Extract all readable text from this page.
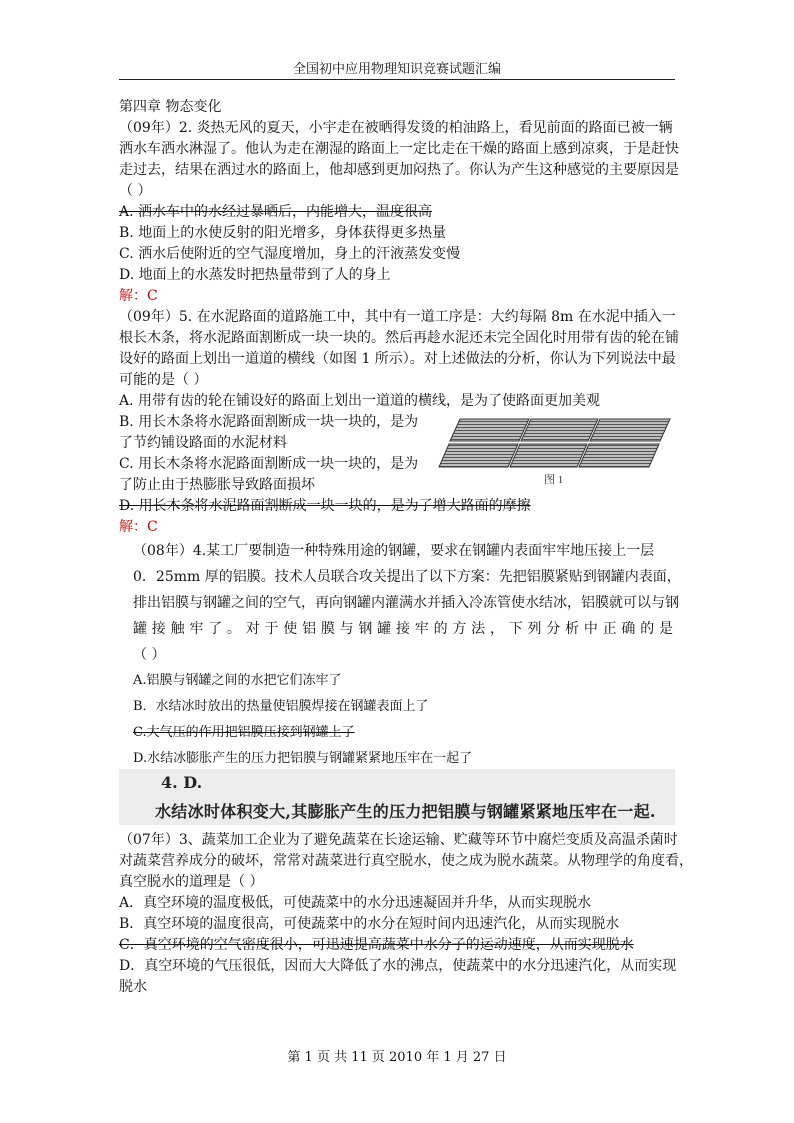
全国初中应用物理知识竞赛试题汇编
第四章 物态变化
（09年）2. 炎热无风的夏天，小宇走在被晒得发烫的柏油路上，看见前面的路面已被一辆
洒水车洒水淋湿了。他认为走在潮湿的路面上一定比走在干燥的路面上感到凉爽，于是赶快
走过去，结果在洒过水的路面上，他却感到更加闷热了。你认为产生这种感觉的主要原因是
（ ）
A. 洒水车中的水经过暴晒后，内能增大，温度很高
B. 地面上的水使反射的阳光增多，身体获得更多热量
C. 洒水后使附近的空气湿度增加，身上的汗液蒸发变慢
D. 地面上的水蒸发时把热量带到了人的身上
解：C
（09年）5. 在水泥路面的道路施工中，其中有一道工序是：大约每隔 8m 在水泥中插入一
根长木条，将水泥路面割断成一块一块的。然后再趁水泥还未完全固化时用带有齿的轮在铺
设好的路面上划出一道道的横线（如图 1 所示）。对上述做法的分析，你认为下列说法中最
可能的是（ ）
A. 用带有齿的轮在铺设好的路面上划出一道道的横线，是为了使路面更加美观
B. 用长木条将水泥路面割断成一块一块的，是为
了节约铺设路面的水泥材料
C. 用长木条将水泥路面割断成一块一块的，是为
了防止由于热膨胀导致路面损坏
D. 用长木条将水泥路面割断成一块一块的，是为了增大路面的摩擦
解：C
（08年）4.某工厂要制造一种特殊用途的钢罐，要求在钢罐内表面牢牢地压接上一层
0．25mm 厚的铝膜。技术人员联合攻关提出了以下方案：先把铝膜紧贴到钢罐内表面，
排出铝膜与钢罐之间的空气，再向钢罐内灌满水并插入冷冻管使水结冰，铝膜就可以与钢
罐 接 触 牢 了 。 对 于 使 铝 膜 与 钢 罐 接 牢 的 方 法 ， 下 列 分 析 中 正 确 的 是
（ ）
A.铝膜与钢罐之间的水把它们冻牢了
B．水结冰时放出的热量使铝膜焊接在钢罐表面上了
C.大气压的作用把铝膜压接到钢罐上了
D.水结冰膨胀产生的压力把铝膜与钢罐紧紧地压牢在一起了
图 1
4. D.
水结冰时体积变大,其膨胀产生的压力把铝膜与钢罐紧紧地压牢在一起.
（07年）3、蔬菜加工企业为了避免蔬菜在长途运输、贮藏等环节中腐烂变质及高温杀菌时
对蔬菜营养成分的破坏，常常对蔬菜进行真空脱水，使之成为脱水蔬菜。从物理学的角度看，
真空脱水的道理是（ ）
A．真空环境的温度极低，可使蔬菜中的水分迅速凝固并升华，从而实现脱水
B．真空环境的温度很高，可使蔬菜中的水分在短时间内迅速汽化，从而实现脱水
C．真空环境的空气密度很小，可迅速提高蔬菜中水分子的运动速度，从而实现脱水
D．真空环境的气压很低，因而大大降低了水的沸点，使蔬菜中的水分迅速汽化，从而实现
脱水
第 1 页 共 11 页 2010 年 1 月 27 日
